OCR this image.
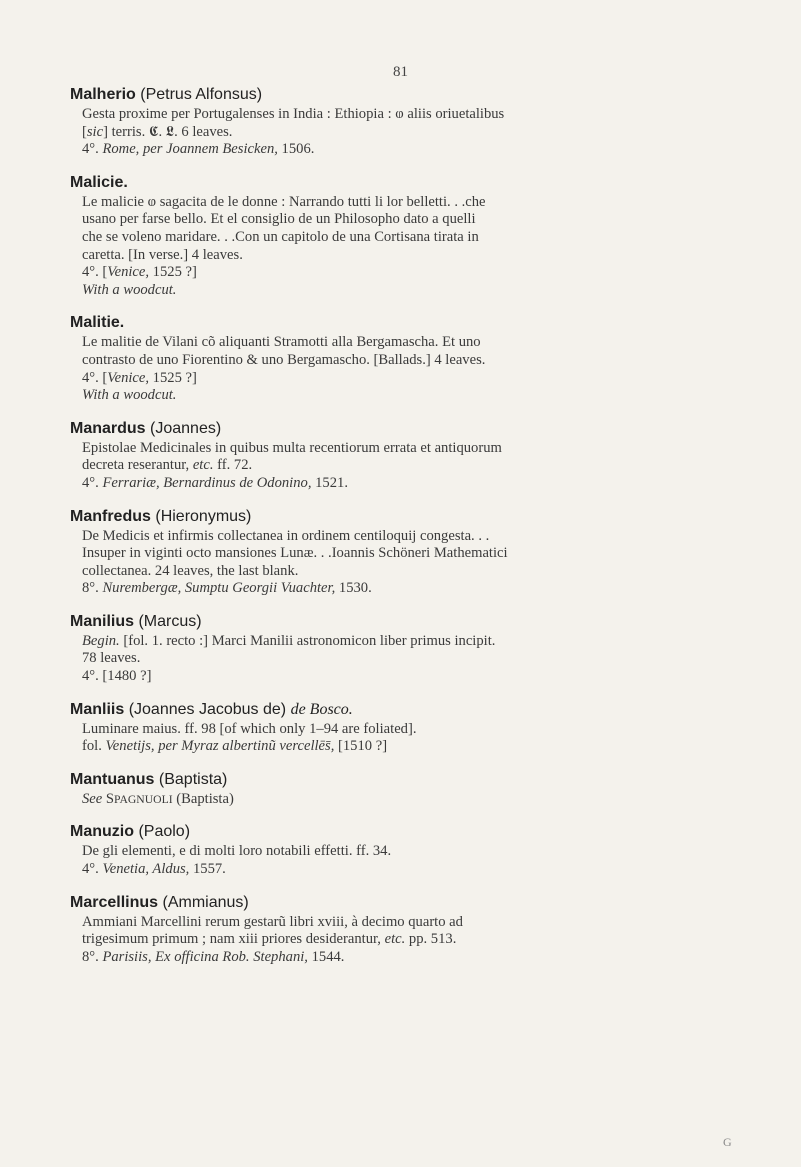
81
Malherio (Petrus Alfonsus)
Gesta proxime per Portugalenses in India : Ethiopia : ⱷ aliis oriuetalibus
[sic] terris. 𝕮. 𝕷. 6 leaves.
4°. Rome, per Joannem Besicken, 1506.
Malicie.
Le malicie ⱷ sagacita de le donne : Narrando tutti li lor belletti. . .che
usano per farse bello. Et el consiglio de un Philosopho dato a quelli
che se voleno maridare. . .Con un capitolo de una Cortisana tirata in
caretta. [In verse.] 4 leaves.
4°. [Venice, 1525 ?]
With a woodcut.
Malitie.
Le malitie de Vilani cõ aliquanti Stramotti alla Bergamascha. Et uno
contrasto de uno Fiorentino & uno Bergamascho. [Ballads.] 4 leaves.
4°. [Venice, 1525 ?]
With a woodcut.
Manardus (Joannes)
Epistolae Medicinales in quibus multa recentiorum errata et antiquorum
decreta reserantur, etc. ff. 72.
4°. Ferrariæ, Bernardinus de Odonino, 1521.
Manfredus (Hieronymus)
De Medicis et infirmis collectanea in ordinem centiloquij congesta. . .
Insuper in viginti octo mansiones Lunæ. . .Ioannis Schöneri Mathematici
collectanea. 24 leaves, the last blank.
8°. Nurembergæ, Sumptu Georgii Vuachter, 1530.
Manilius (Marcus)
Begin. [fol. 1. recto :] Marci Manilii astronomicon liber primus incipit.
78 leaves.
4°. [1480 ?]
Manliis (Joannes Jacobus de) de Bosco.
Luminare maius. ff. 98 [of which only 1–94 are foliated].
fol. Venetijs, per Myraz albertinũ vercellēs̄, [1510 ?]
Mantuanus (Baptista)
See SPAGNUOLI (Baptista)
Manuzio (Paolo)
De gli elementi, e di molti loro notabili effetti. ff. 34.
4°. Venetia, Aldus, 1557.
Marcellinus (Ammianus)
Ammiani Marcellini rerum gestarũ libri xviii, à decimo quarto ad
trigesimum primum ; nam xiii priores desiderantur, etc. pp. 513.
8°. Parisiis, Ex officina Rob. Stephani, 1544.
G
